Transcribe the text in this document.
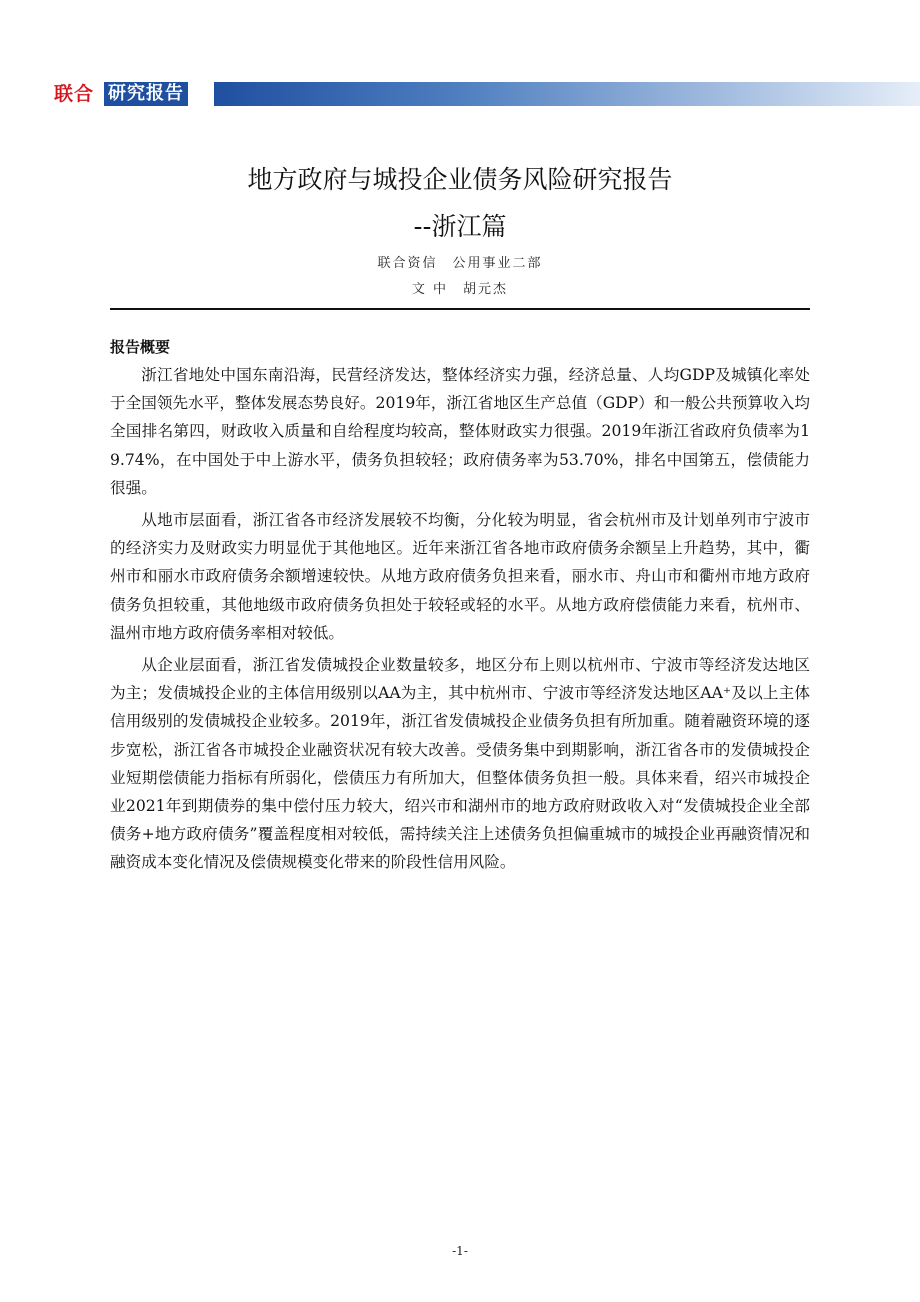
联合 研究报告
地方政府与城投企业债务风险研究报告
--浙江篇
联合资信　公用事业二部
文 中　胡元杰

报告概要

浙江省地处中国东南沿海，民营经济发达，整体经济实力强，经济总量、人均GDP及城镇化率处于全国领先水平，整体发展态势良好。2019年，浙江省地区生产总值（GDP）和一般公共预算收入均全国排名第四，财政收入质量和自给程度均较高，整体财政实力很强。2019年浙江省政府负债率为19.74%，在中国处于中上游水平，债务负担较轻；政府债务率为53.70%，排名中国第五，偿债能力很强。

从地市层面看，浙江省各市经济发展较不均衡，分化较为明显，省会杭州市及计划单列市宁波市的经济实力及财政实力明显优于其他地区。近年来浙江省各地市政府债务余额呈上升趋势，其中，衢州市和丽水市政府债务余额增速较快。从地方政府债务负担来看，丽水市、舟山市和衢州市地方政府债务负担较重，其他地级市政府债务负担处于较轻或轻的水平。从地方政府偿债能力来看，杭州市、温州市地方政府债务率相对较低。

从企业层面看，浙江省发债城投企业数量较多，地区分布上则以杭州市、宁波市等经济发达地区为主；发债城投企业的主体信用级别以AA为主，其中杭州市、宁波市等经济发达地区AA⁺及以上主体信用级别的发债城投企业较多。2019年，浙江省发债城投企业债务负担有所加重。随着融资环境的逐步宽松，浙江省各市城投企业融资状况有较大改善。受债务集中到期影响，浙江省各市的发债城投企业短期偿债能力指标有所弱化，偿债压力有所加大，但整体债务负担一般。具体来看，绍兴市城投企业2021年到期债券的集中偿付压力较大，绍兴市和湖州市的地方政府财政收入对“发债城投企业全部债务+地方政府债务”覆盖程度相对较低，需持续关注上述债务负担偏重城市的城投企业再融资情况和融资成本变化情况及偿债规模变化带来的阶段性信用风险。

-1-
